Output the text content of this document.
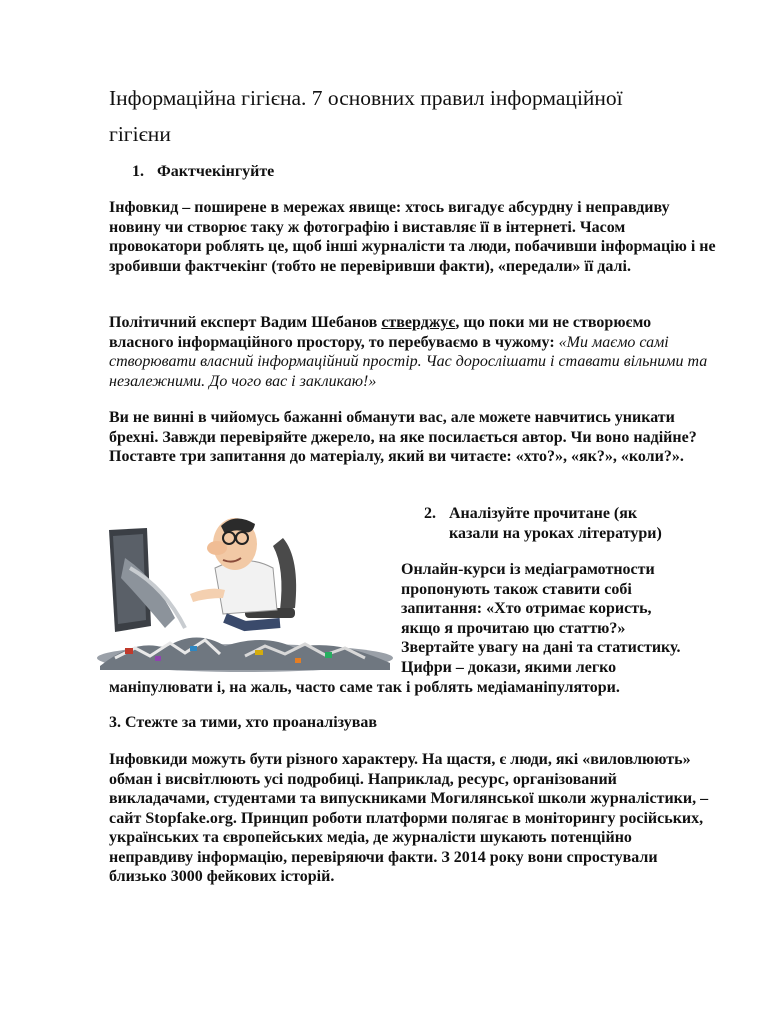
Інформаційна гігієна. 7 основних правил інформаційної гігієни
1. Фактчекінгуйте

Інфовкид – поширене в мережах явище: хтось вигадує абсурдну і неправдиву новину чи створює таку ж фотографію і виставляє її в інтернеті. Часом провокатори роблять це, щоб інші журналісти та люди, побачивши інформацію і не зробивши фактчекінг (тобто не перевіривши факти), «передали» її далі.

Політичний експерт Вадим Шебанов стверджує, що поки ми не створюємо власного інформаційного простору, то перебуваємо в чужому: «Ми маємо самі створювати власний інформаційний простір. Час дорослішати і ставати вільними та незалежними. До чого вас і закликаю!»

Ви не винні в чийомусь бажанні обманути вас, але можете навчитись уникати брехні. Завжди перевіряйте джерело, на яке посилається автор. Чи воно надійне? Поставте три запитання до матеріалу, який ви читаєте: «хто?», «як?», «коли?».

2. Аналізуйте прочитане (як
казали на уроках літератури)
Онлайн-курси із медіаграмотности
пропонують також ставити собі
запитання: «Хто отримає користь,
якщо я прочитаю цю статтю?»
Звертайте увагу на дані та статистику.
Цифри – докази, якими легко
маніпулювати і, на жаль, часто саме так і роблять медіаманіпулятори.
3. Стежте за тими, хто проаналізував

Інфовкиди можуть бути різного характеру. На щастя, є люди, які «виловлюють» обман і висвітлюють усі подробиці. Наприклад, ресурс, організований викладачами, студентами та випускниками Могилянської школи журналістики, – сайт Stopfake.org. Принцип роботи платформи полягає в моніторингу російських, українських та європейських медіа, де журналісти шукають потенційно неправдиву інформацію, перевіряючи факти. З 2014 року вони спростували близько 3000 фейкових історій.
